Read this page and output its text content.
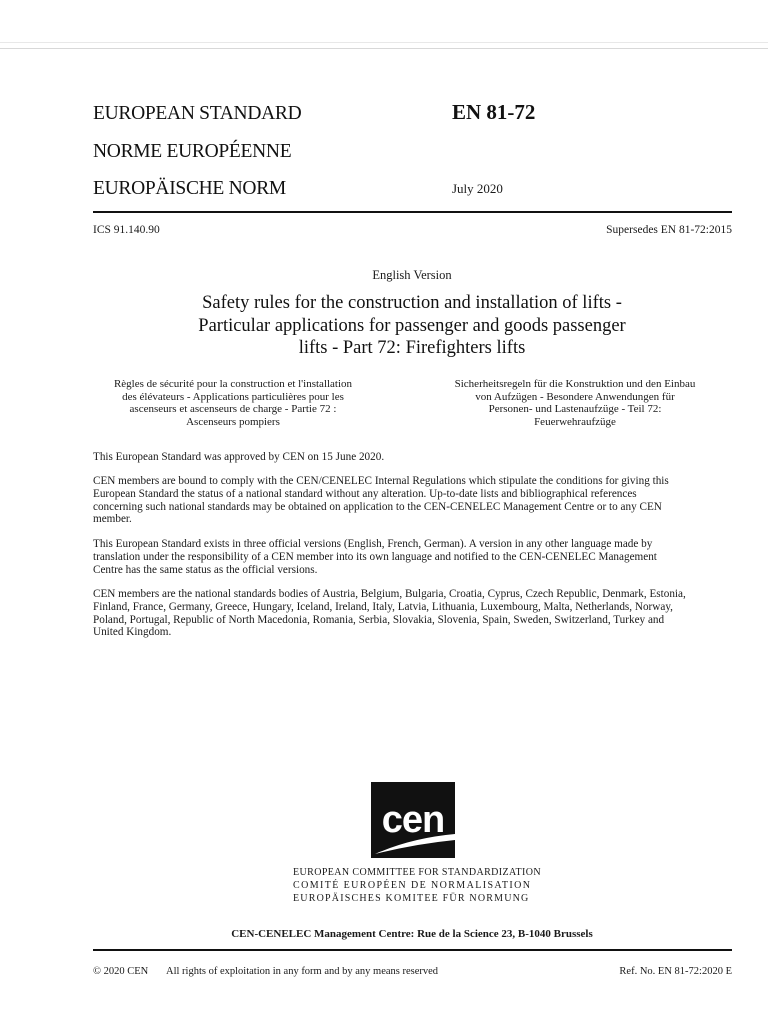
EUROPEAN STANDARD
NORME EUROPÉENNE
EUROPÄISCHE NORM
EN 81-72
July 2020
ICS 91.140.90	Supersedes EN 81-72:2015
English Version
Safety rules for the construction and installation of lifts -
Particular applications for passenger and goods passenger
lifts - Part 72: Firefighters lifts
Règles de sécurité pour la construction et l'installation
des élévateurs - Applications particulières pour les
ascenseurs et ascenseurs de charge - Partie 72 :
Ascenseurs pompiers
Sicherheitsregeln für die Konstruktion und den Einbau
von Aufzügen - Besondere Anwendungen für
Personen- und Lastenaufzüge - Teil 72:
Feuerwehraufzüge
This European Standard was approved by CEN on 15 June 2020.
CEN members are bound to comply with the CEN/CENELEC Internal Regulations which stipulate the conditions for giving this
European Standard the status of a national standard without any alteration. Up-to-date lists and bibliographical references
concerning such national standards may be obtained on application to the CEN-CENELEC Management Centre or to any CEN
member.
This European Standard exists in three official versions (English, French, German). A version in any other language made by
translation under the responsibility of a CEN member into its own language and notified to the CEN-CENELEC Management
Centre has the same status as the official versions.
CEN members are the national standards bodies of Austria, Belgium, Bulgaria, Croatia, Cyprus, Czech Republic, Denmark, Estonia,
Finland, France, Germany, Greece, Hungary, Iceland, Ireland, Italy, Latvia, Lithuania, Luxembourg, Malta, Netherlands, Norway,
Poland, Portugal, Republic of North Macedonia, Romania, Serbia, Slovakia, Slovenia, Spain, Sweden, Switzerland, Turkey and
United Kingdom.
cen
EUROPEAN COMMITTEE FOR STANDARDIZATION
COMITÉ EUROPÉEN DE NORMALISATION
EUROPÄISCHES KOMITEE FÜR NORMUNG
CEN-CENELEC Management Centre: Rue de la Science 23, B-1040 Brussels
© 2020 CEN All rights of exploitation in any form and by any means reserved	Ref. No. EN 81-72:2020 E
